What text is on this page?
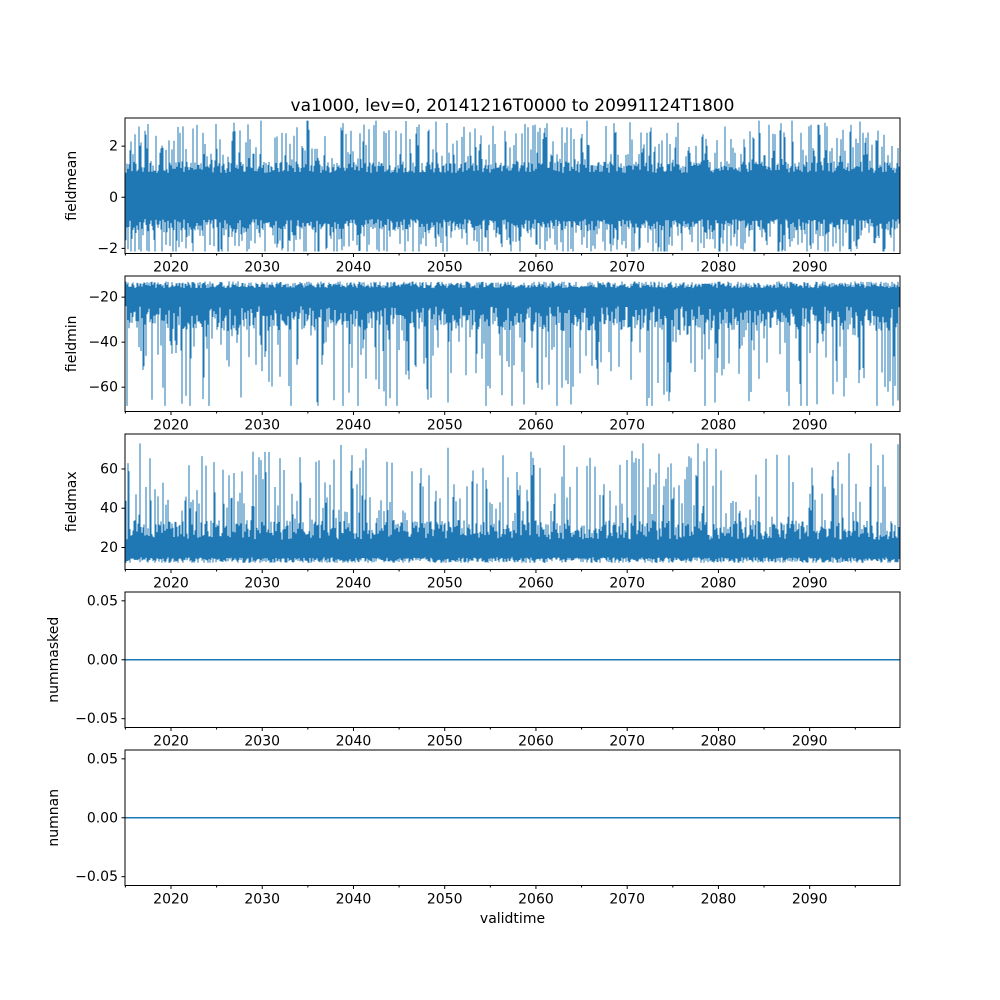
va1000, lev=0, 20141216T0000 to 20991124T1800
2
0
−2
2020	2030	2040	2050	2060	2070	2080	2090
fieldmean
−20
−40
−60
2020	2030	2040	2050	2060	2070	2080	2090
fieldmin
60
40
20
2020	2030	2040	2050	2060	2070	2080	2090
fieldmax
0.05
0.00
−0.05
2020	2030	2040	2050	2060	2070	2080	2090
nummasked
0.05
0.00
−0.05
2020	2030	2040	2050	2060	2070	2080	2090
numnan
validtime
